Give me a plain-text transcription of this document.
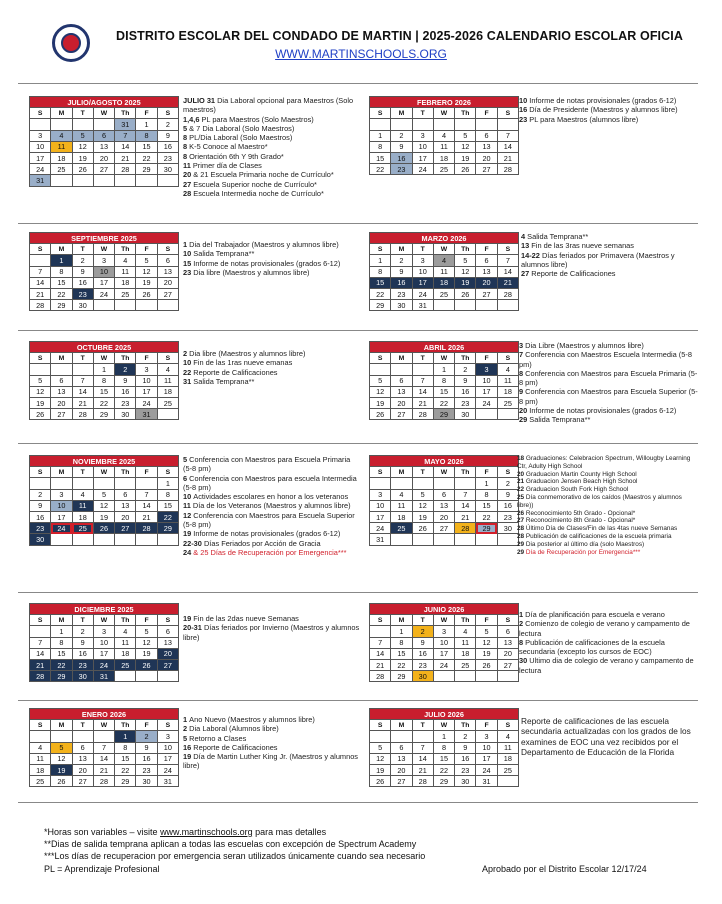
DISTRITO ESCOLAR DEL CONDADO DE MARTIN | 2025-2026 CALENDARIO ESCOLAR OFICIA
WWW.MARTINSCHOOLS.ORG
JULIO/AGOSTO 2025						
S	M	T	W	Th	F	S
				31	1	2
3	4	5	6	7	8	9
10	11	12	13	14	15	16
17	18	19	20	21	22	23
24	25	26	27	28	29	30
31						
FEBRERO 2026						
S	M	T	W	Th	F	S

1	2	3	4	5	6	7
8	9	10	11	12	13	14
15	16	17	18	19	20	21
22	23	24	25	26	27	28
SEPTIEMBRE 2025						
S	M	T	W	Th	F	S
	1	2	3	4	5	6
7	8	9	10	11	12	13
14	15	16	17	18	19	20
21	22	23	24	25	26	27
28	29	30				
MARZO 2026						
S	M	T	W	Th	F	S
1	2	3	4	5	6	7
8	9	10	11	12	13	14
15	16	17	18	19	20	21
22	23	24	25	26	27	28
29	30	31				
OCTUBRE 2025						
S	M	T	W	Th	F	S
			1	2	3	4
5	6	7	8	9	10	11
12	13	14	15	16	17	18
19	20	21	22	23	24	25
26	27	28	29	30	31	
ABRIL 2026						
S	M	T	W	Th	F	S
			1	2	3	4
5	6	7	8	9	10	11
12	13	14	15	16	17	18
19	20	21	22	23	24	25
26	27	28	29	30		
NOVIEMBRE 2025						
S	M	T	W	Th	F	S
						1
2	3	4	5	6	7	8
9	10	11	12	13	14	15
16	17	18	19	20	21	22
23	24	25	26	27	28	29
30						
MAYO 2026						
S	M	T	W	Th	F	S
					1	2
3	4	5	6	7	8	9
10	11	12	13	14	15	16
17	18	19	20	21	22	23
24	25	26	27	28	29	30
31						
DICIEMBRE 2025						
S	M	T	W	Th	F	S
	1	2	3	4	5	6
7	8	9	10	11	12	13
14	15	16	17	18	19	20
21	22	23	24	25	26	27
28	29	30	31			
JUNIO 2026						
S	M	T	W	Th	F	S
	1	2	3	4	5	6
7	8	9	10	11	12	13
14	15	16	17	18	19	20
21	22	23	24	25	26	27
28	29	30				
ENERO 2026						
S	M	T	W	Th	F	S
				1	2	3
4	5	6	7	8	9	10
11	12	13	14	15	16	17
18	19	20	21	22	23	24
25	26	27	28	29	30	31
JULIO 2026						
S	M	T	W	Th	F	S
			1	2	3	4
5	6	7	8	9	10	11
12	13	14	15	16	17	18
19	20	21	22	23	24	25
26	27	28	29	30	31	
JULIO 31 Dia Laboral opcional para Maestros (Solo maestros)
1,4,6 PL para Maestros (Solo Maestros)
5 & 7 Dia Laboral (Solo Maestros)
8 PL/Dia Laboral (Solo Maestros)
8 K-5 Conoce al Maestro*
8 Orientación 6th Y 9th Grado*
11 Primer día de Clases
20 & 21 Escuela Primaria noche de Currículo*
27 Escuela Superior noche de Currículo*
28 Escuela Intermedia noche de Currículo*
10 Informe de notas provisionales (grados 6-12)
16 Día de Presidente (Maestros y alumnos libre)
23 PL para Maestros (alumnos libre)
1 Dia del Trabajador (Maestros y alumnos libre)
10 Salida Temprana**
15 Informe de notas provisionales (grados 6-12)
23 Dia libre (Maestros y alumnos libre)
4 Salida Temprana**
13 Fin de las 3ras nueve semanas
14-22 Días feriados por Primavera (Maestros y alumnos libre)
27 Reporte de Calificaciones
2 Dia libre (Maestros y alumnos libre)
10 Fin de las 1ras nueve emanas
22 Reporte de Calificaciones
31 Salida Temprana**
3 Dia Libre (Maestros y alumnos libre)
7 Conferencia con Maestros Escuela Intermedia (5-8 pm)
8 Conferencia con Maestros para Escuela Primaria (5-8 pm)
9 Conferencia con Maestros para Escuela Superior (5-8 pm)
20 Informe de notas provisionales (grados 6-12)
29 Salida Temprana**
5 Conferencia con Maestros para Escuela Primaria (5-8 pm)
6 Conferencia con Maestros para escuela Intermedia (5-8 pm)
10 Actividades escolares en honor a los veteranos
11 Día de los Veteranos (Maestros y alumnos libre)
12 Conferencia con Maestros para Escuela Superior (5-8 pm)
19 Informe de notas provisionales (grados 6-12)
22-30 Días Feriados por Acción de Gracia
24 & 25 Días de Recuperación por Emergencia***
18 Graduaciones: Celebracion Spectrum, Willougby Learning Ctr, Adulty High School
20 Graduacion Martin County High School
21 Graduacion Jensen Beach High School
22 Graduacion South Fork High School
25 Día conmemorativo de los caídos (Maestros y alumnos libre))
26 Reconocimiento 5th Grado - Opcional*
27 Reconocimiento 8th Grado - Opcional*
28 Último Día de Clases/Fin de las 4tas nueve Semanas
28 Publicación de calificaciones de la escuela primaria
29 Dia posterior al último día (solo Maestros)
29 Día de Recuperación por Emergencia***
19 Fin de las 2das nueve Semanas
20-31 Días feriados por Invierno (Maestros y alumnos libre)
1 Día de planificación para escuela e verano
2 Comienzo de colegio de verano y campamento de lectura
8 Publicación de calificaciones de la escuela secundaria (excepto los cursos de EOC)
30 Ultimo dia de colegio de verano y campamento de lectura
1 Ano Nuevo (Maestros y alumnos libre)
2 Dia Laboral (Alumnos libre)
5 Retorno a Clases
16 Reporte de Calificaciones
19 Día de Martin Luther King Jr. (Maestros y alumnos libre)
Reporte de calificaciones de las escuela secundaria actualizadas con los grados de los examines de EOC una vez recibidos por el Departamento de Educación de la Florida
*Horas son variables – visite www.martinschools.org para mas detalles
**Dias de salida temprana aplican a todas las escuelas con excepción de Spectrum Academy
***Los días de recuperacion por emergencia seran utilizados únicamente cuando sea necesario
PL = Aprendizaje Profesional	Aprobado por el Distrito Escolar 12/17/24
